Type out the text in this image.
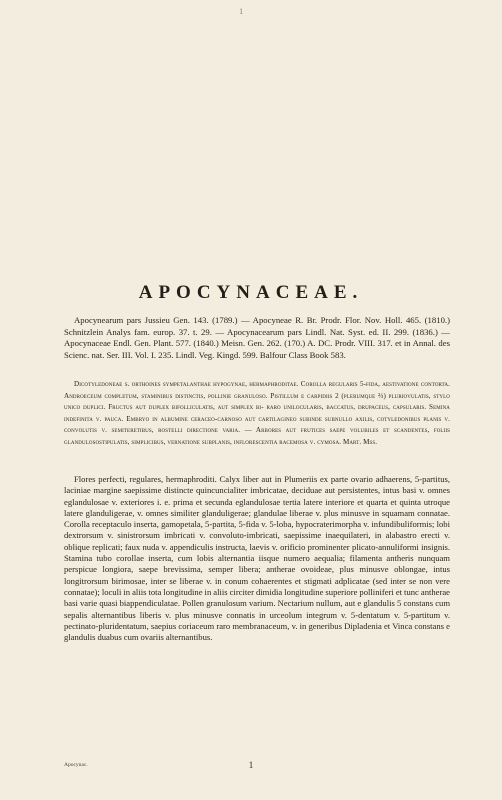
1
APOCYNACEAE.

Apocynearum pars Jussieu Gen. 143. (1789.) — Apocyneae R. Br. Prodr. Flor. Nov. Holl. 465. (1810.) Schnitzlein Analys fam. europ. 37. t. 29. — Apocynacearum pars Lindl. Nat. Syst. ed. II. 299. (1836.) — Apocynaceae Endl. Gen. Plant. 577. (1840.) Meisn. Gen. 262. (170.) A. DC. Prodr. VIII. 317. et in Annal. des Scienc. nat. Ser. III. Vol. I. 235. Lindl. Veg. Kingd. 599. Balfour Class Book 583.

Dicotyledoneae s. orthoines sympetalanthae hypogynae, hermaphroditae. Corolla regularis 5-fida, aestivatione contorta. Androeceum completum, staminibus distinctis, pollinie granuloso. Pistillum e carpidiis 2 (plerumque ⅔) pluriovulatis, stylo unico duplici. Fructus aut duplex bifolliculatis, aut simplex bi- raro unilocularis, baccatus, drupaceus, capsularis. Semina indefinita v. pauca. Embryo in albumine ceraceo-carnoso aut cartilagineo subinde subnullo axilis, cotyledonibus planis v. convolutis v. semiteretibus, rostelli directione varia. — Arbores aut frutices saepe volubiles et scandentes, foliis glandulosostipulatis, simplicibus, vernatione subplanis, inflorescentia racemosa v. cymosa. Mart. Mss.

Flores perfecti, regulares, hermaphroditi. Calyx liber aut in Plumeriis ex parte ovario adhaerens, 5-partitus, laciniae margine saepissime distincte quincuncialiter imbricatae, deciduae aut persistentes, intus basi v. omnes eglandulosae v. exteriores i. e. prima et secunda eglandulosae tertia latere interiore et quarta et quinta utroque latere glanduligerae, v. omnes similiter glanduligerae; glandulae liberae v. plus minusve in squamam connatae. Corolla receptaculo inserta, gamopetala, 5-partita, 5-fida v. 5-loba, hypocraterimorpha v. infundibuliformis; lobi dextrorsum v. sinistrorsum imbricati v. convoluto-imbricati, saepissime inaequilateri, in alabastro erecti v. oblique replicati; faux nuda v. appendiculis instructa, laevis v. orificio prominenter plicato-annuliformi insignis. Stamina tubo corollae inserta, cum lobis alternantia iisque numero aequalia; filamenta antheris nunquam perspicue longiora, saepe brevissima, semper libera; antherae ovoideae, plus minusve oblongae, intus longitrorsum birimosae, inter se liberae v. in conum cohaerentes et stigmati adplicatae (sed inter se non vere connatae); loculi in aliis tota longitudine in aliis circiter dimidia longitudine superiore polliniferi et tunc antherae basi varie quasi biappendiculatae. Pollen granulosum varium. Nectarium nullum, aut e glandulis 5 constans cum sepalis alternantibus liberis v. plus minusve connatis in urceolum integrum v. 5-dentatum v. 5-partitum v. pectinato-pluridentatum, saepius coriaceum raro membranaceum, v. in generibus Dipladenia et Vinca constans e glandulis duabus cum ovariis alternantibus.

Apocynac.	1
